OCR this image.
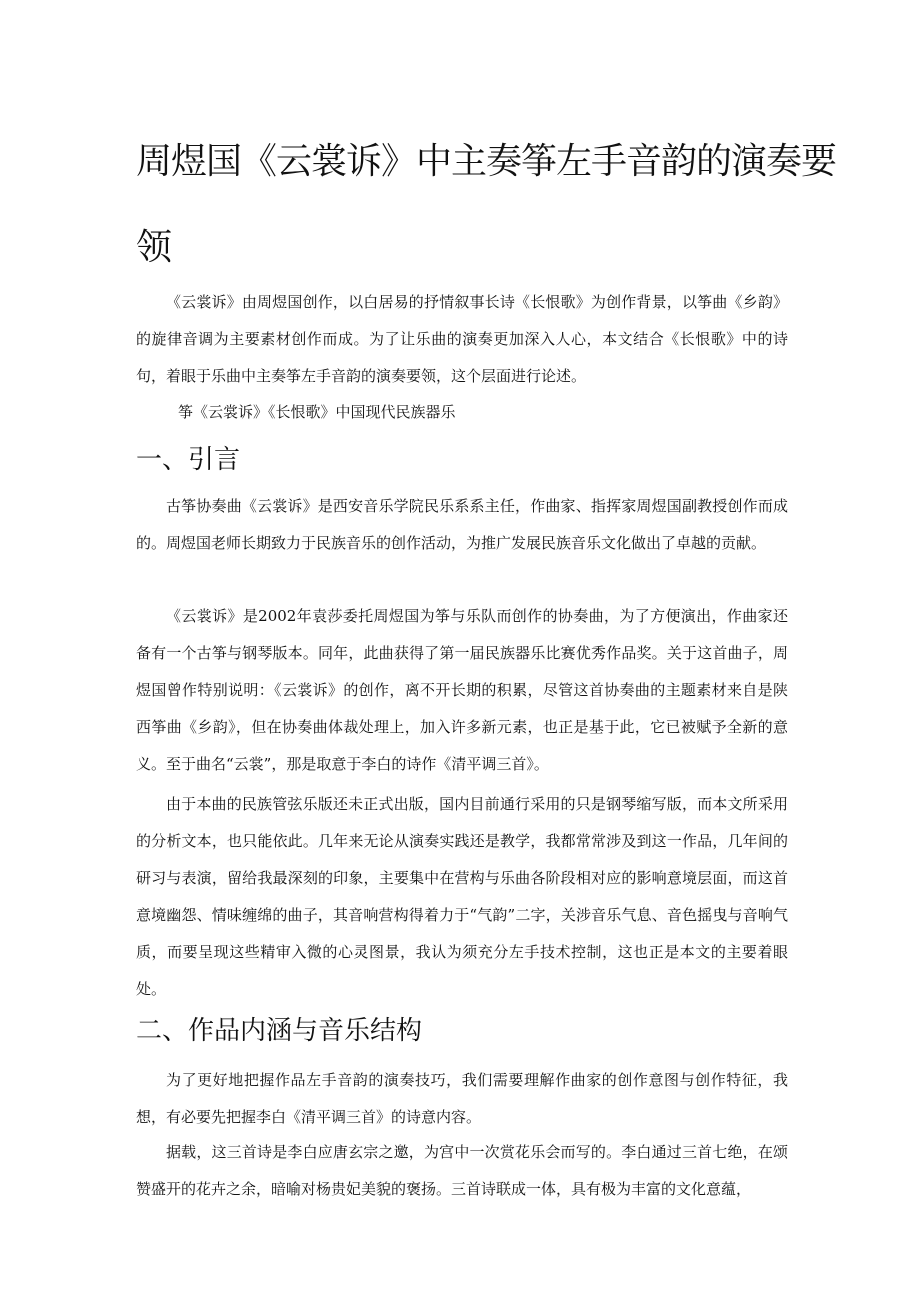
周煜国《云裳诉》中主奏筝左手音韵的演奏要
领

《云裳诉》由周煜国创作，以白居易的抒情叙事长诗《长恨歌》为创作背景，以筝曲《乡韵》的旋律音调为主要素材创作而成。为了让乐曲的演奏更加深入人心，本文结合《长恨歌》中的诗句，着眼于乐曲中主奏筝左手音韵的演奏要领，这个层面进行论述。

筝《云裳诉》《长恨歌》中国现代民族器乐

一、引言

古筝协奏曲《云裳诉》是西安音乐学院民乐系系主任，作曲家、指挥家周煜国副教授创作而成的。周煜国老师长期致力于民族音乐的创作活动，为推广发展民族音乐文化做出了卓越的贡献。

《云裳诉》是2002年袁莎委托周煜国为筝与乐队而创作的协奏曲，为了方便演出，作曲家还备有一个古筝与钢琴版本。同年，此曲获得了第一届民族器乐比赛优秀作品奖。关于这首曲子，周煜国曾作特别说明：《云裳诉》的创作，离不开长期的积累，尽管这首协奏曲的主题素材来自是陕西筝曲《乡韵》，但在协奏曲体裁处理上，加入许多新元素，也正是基于此，它已被赋予全新的意义。至于曲名“云裳”，那是取意于李白的诗作《清平调三首》。

由于本曲的民族管弦乐版还未正式出版，国内目前通行采用的只是钢琴缩写版，而本文所采用的分析文本，也只能依此。几年来无论从演奏实践还是教学，我都常常涉及到这一作品，几年间的研习与表演，留给我最深刻的印象，主要集中在营构与乐曲各阶段相对应的影响意境层面，而这首意境幽怨、情味缠绵的曲子，其音响营构得着力于“气韵”二字，关涉音乐气息、音色摇曳与音响气质，而要呈现这些精审入微的心灵图景，我认为须充分左手技术控制，这也正是本文的主要着眼处。

二、作品内涵与音乐结构

为了更好地把握作品左手音韵的演奏技巧，我们需要理解作曲家的创作意图与创作特征，我想，有必要先把握李白《清平调三首》的诗意内容。

据载，这三首诗是李白应唐玄宗之邀，为宫中一次赏花乐会而写的。李白通过三首七绝，在颂赞盛开的花卉之余，暗喻对杨贵妃美貌的褒扬。三首诗联成一体，具有极为丰富的文化意蕴，
